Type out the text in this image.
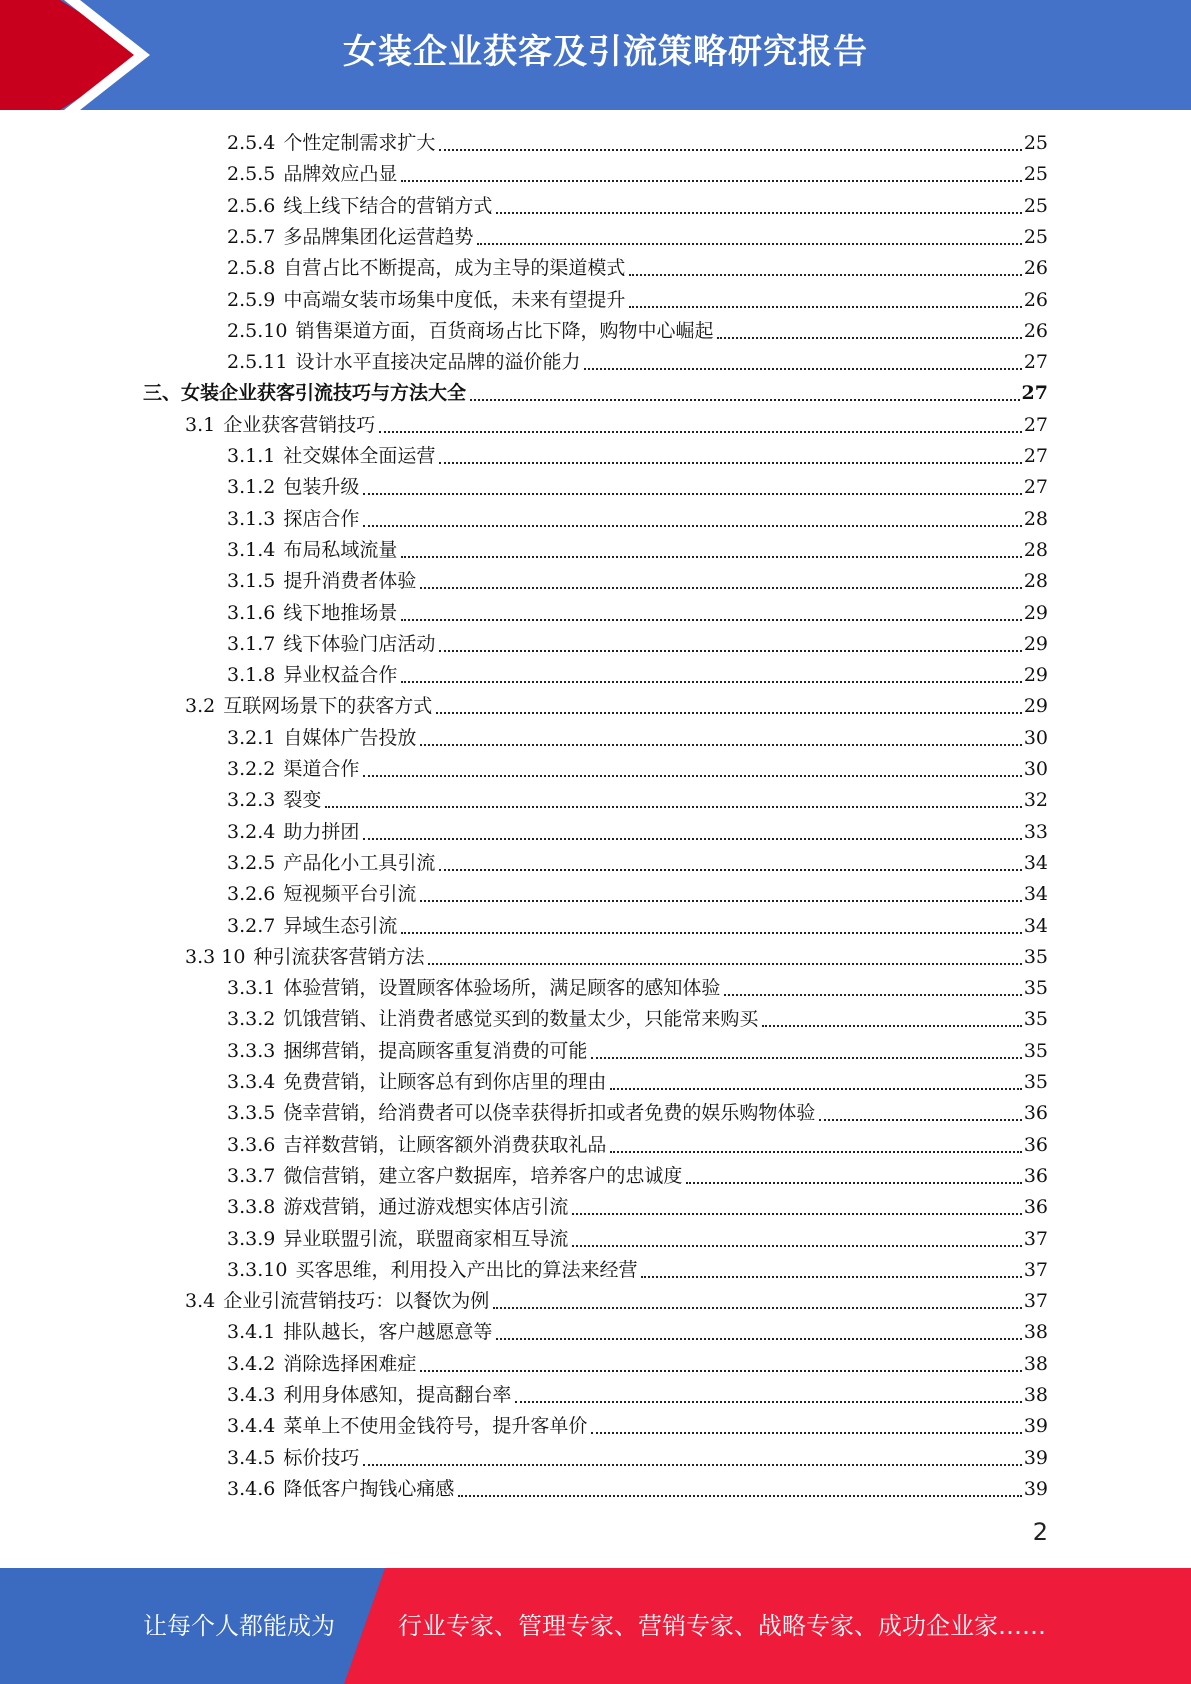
女装企业获客及引流策略研究报告
2.5.4 个性定制需求扩大	25
2.5.5 品牌效应凸显	25
2.5.6 线上线下结合的营销方式	25
2.5.7 多品牌集团化运营趋势	25
2.5.8 自营占比不断提高，成为主导的渠道模式	26
2.5.9 中高端女装市场集中度低，未来有望提升	26
2.5.10 销售渠道方面，百货商场占比下降，购物中心崛起	26
2.5.11 设计水平直接决定品牌的溢价能力	27
三、女装企业获客引流技巧与方法大全	27
3.1 企业获客营销技巧	27
3.1.1 社交媒体全面运营	27
3.1.2 包装升级	27
3.1.3 探店合作	28
3.1.4 布局私域流量	28
3.1.5 提升消费者体验	28
3.1.6 线下地推场景	29
3.1.7 线下体验门店活动	29
3.1.8 异业权益合作	29
3.2 互联网场景下的获客方式	29
3.2.1 自媒体广告投放	30
3.2.2 渠道合作	30
3.2.3 裂变	32
3.2.4 助力拼团	33
3.2.5 产品化小工具引流	34
3.2.6 短视频平台引流	34
3.2.7 异域生态引流	34
3.3 10 种引流获客营销方法	35
3.3.1 体验营销，设置顾客体验场所，满足顾客的感知体验	35
3.3.2 饥饿营销、让消费者感觉买到的数量太少，只能常来购买	35
3.3.3 捆绑营销，提高顾客重复消费的可能	35
3.3.4 免费营销，让顾客总有到你店里的理由	35
3.3.5 侥幸营销，给消费者可以侥幸获得折扣或者免费的娱乐购物体验	36
3.3.6 吉祥数营销，让顾客额外消费获取礼品	36
3.3.7 微信营销，建立客户数据库，培养客户的忠诚度	36
3.3.8 游戏营销，通过游戏想实体店引流	36
3.3.9 异业联盟引流，联盟商家相互导流	37
3.3.10 买客思维，利用投入产出比的算法来经营	37
3.4 企业引流营销技巧：以餐饮为例	37
3.4.1 排队越长，客户越愿意等	38
3.4.2 消除选择困难症	38
3.4.3 利用身体感知，提高翻台率	38
3.4.4 菜单上不使用金钱符号，提升客单价	39
3.4.5 标价技巧	39
3.4.6 降低客户掏钱心痛感	39
2
让每个人都能成为	行业专家、管理专家、营销专家、战略专家、成功企业家……
